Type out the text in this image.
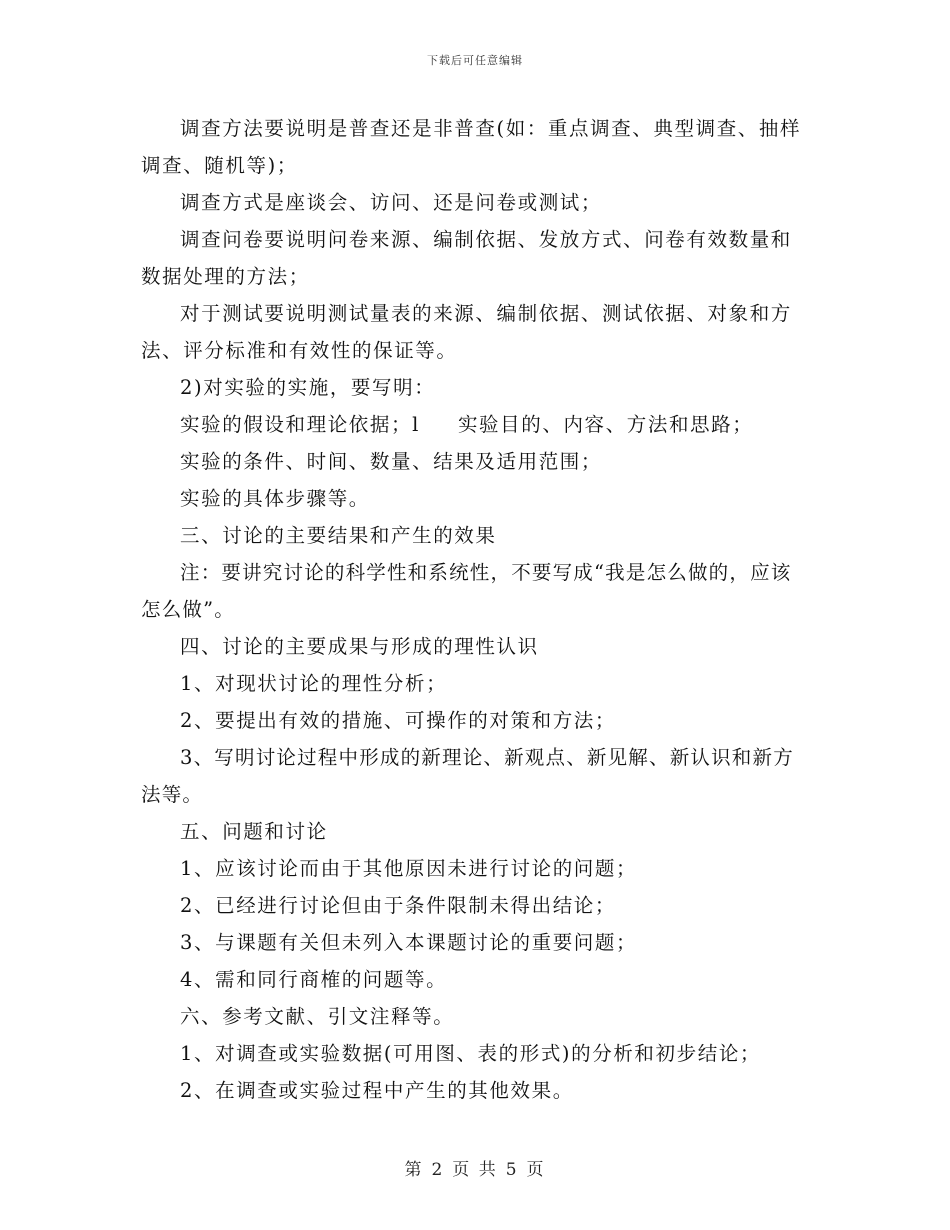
下载后可任意编辑

调查方法要说明是普查还是非普查(如：重点调查、典型调查、抽样调查、随机等)；

调查方式是座谈会、访问、还是问卷或测试；

调查问卷要说明问卷来源、编制依据、发放方式、问卷有效数量和数据处理的方法；

对于测试要说明测试量表的来源、编制依据、测试依据、对象和方法、评分标准和有效性的保证等。

2)对实验的实施，要写明：

实验的假设和理论依据；l 实验目的、内容、方法和思路；

实验的条件、时间、数量、结果及适用范围；

实验的具体步骤等。

三、讨论的主要结果和产生的效果

注：要讲究讨论的科学性和系统性，不要写成“我是怎么做的，应该怎么做”。

四、讨论的主要成果与形成的理性认识

1、对现状讨论的理性分析；

2、要提出有效的措施、可操作的对策和方法；

3、写明讨论过程中形成的新理论、新观点、新见解、新认识和新方法等。

五、问题和讨论

1、应该讨论而由于其他原因未进行讨论的问题；

2、已经进行讨论但由于条件限制未得出结论；

3、与课题有关但未列入本课题讨论的重要问题；

4、需和同行商榷的问题等。

六、参考文献、引文注释等。

1、对调查或实验数据(可用图、表的形式)的分析和初步结论；

2、在调查或实验过程中产生的其他效果。

第 2 页 共 5 页
